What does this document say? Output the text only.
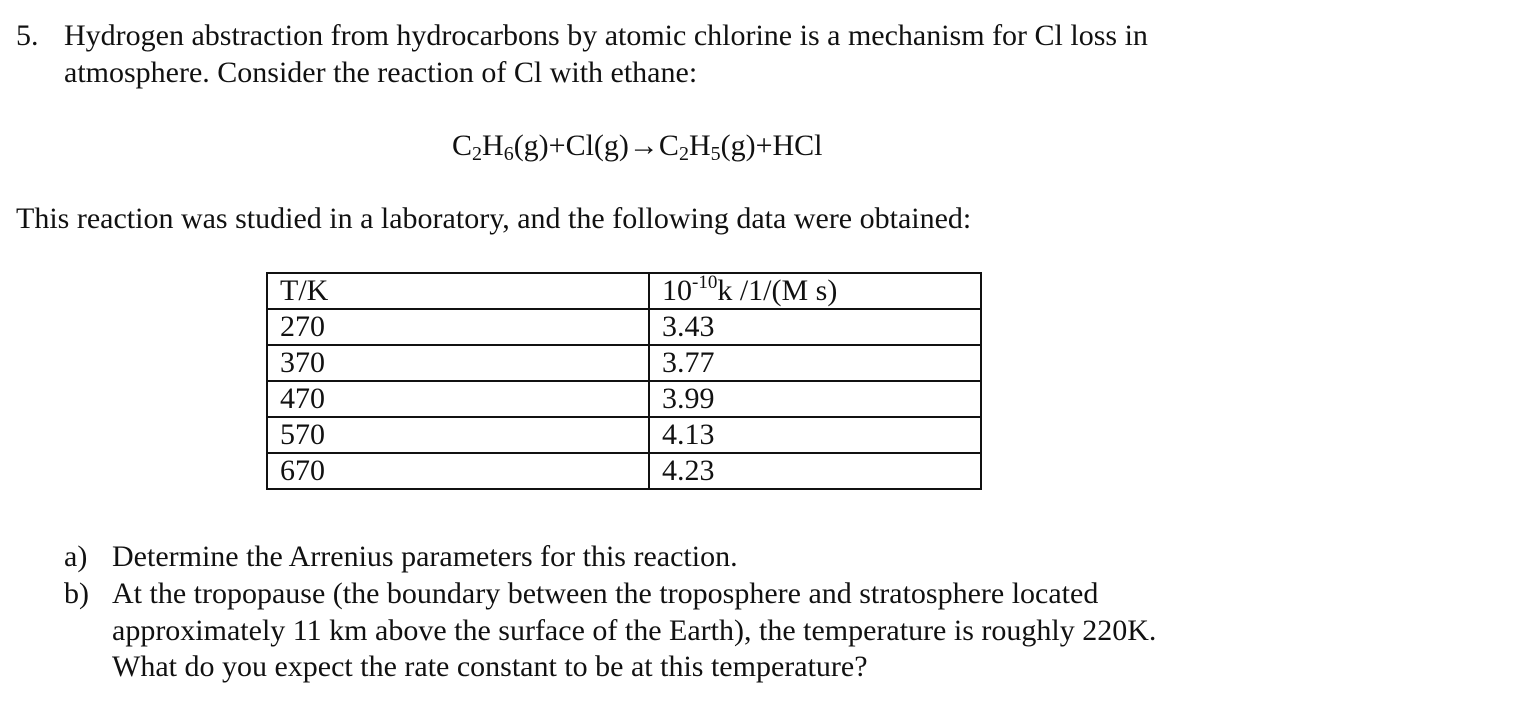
5. Hydrogen abstraction from hydrocarbons by atomic chlorine is a mechanism for Cl loss in
atmosphere. Consider the reaction of Cl with ethane:
$C_2H_6(g)+Cl(g)\to C_2H_5(g)+HCl$
This reaction was studied in a laboratory, and the following data were obtained:
T/K	$10^{-10}k$ /1/(M s)
270	3.43
370	3.77
470	3.99
570	4.13
670	4.23
a) Determine the Arrenius parameters for this reaction.
b) At the tropopause (the boundary between the troposphere and stratosphere located
approximately 11 km above the surface of the Earth), the temperature is roughly 220K.
What do you expect the rate constant to be at this temperature?
